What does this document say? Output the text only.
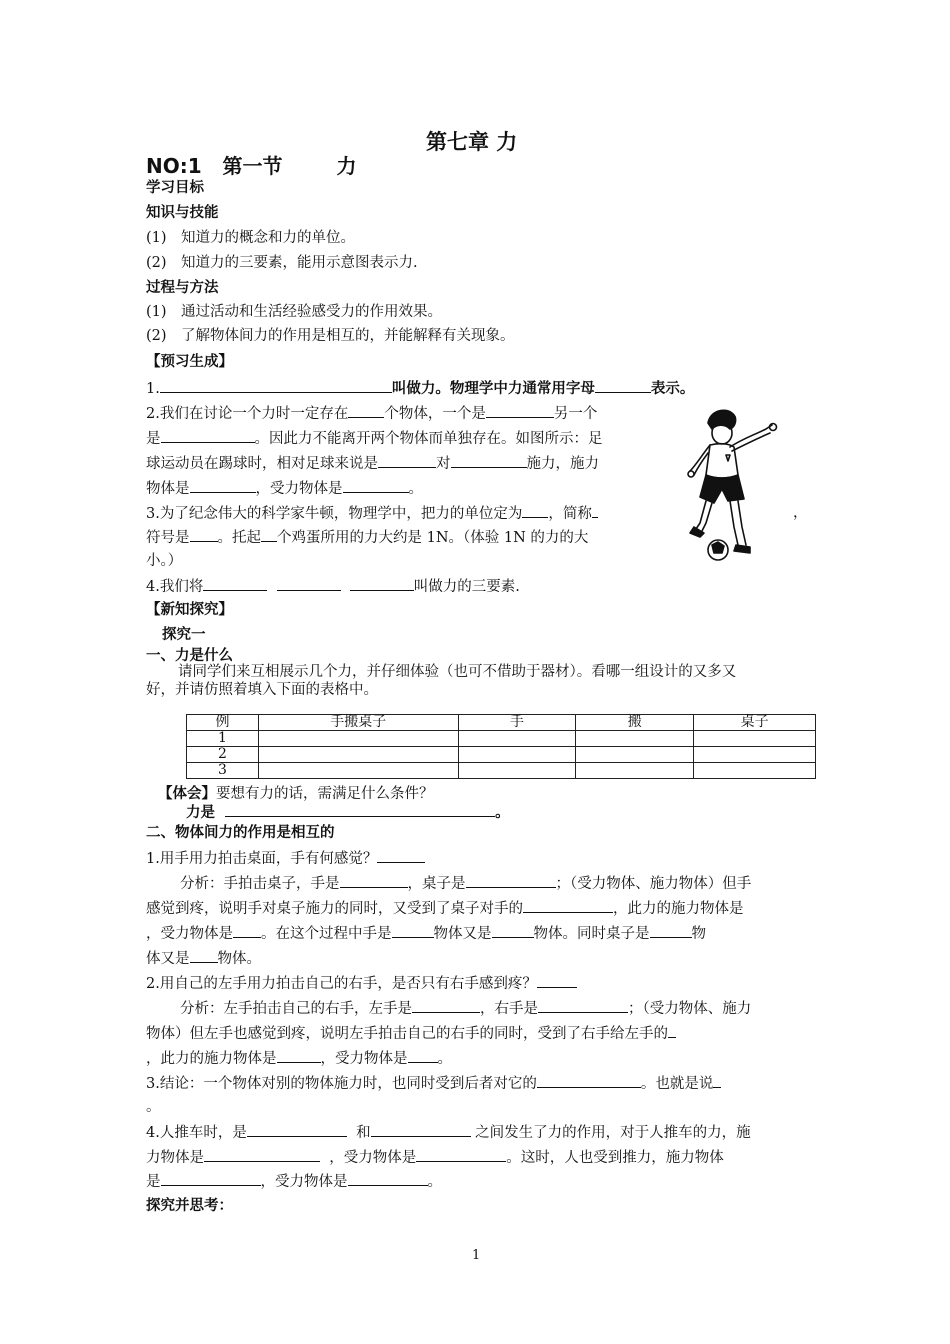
第七章 力
NO:1 第一节	力
学习目标
知识与技能
(1)　知道力的概念和力的单位。
(2)　知道力的三要素，能用示意图表示力.
过程与方法
(1)　通过活动和生活经验感受力的作用效果。
(2)　了解物体间力的作用是相互的，并能解释有关现象。
【预习生成】
1.	叫做力。物理学中力通常用字母	表示。
2.我们在讨论一个力时一定存在 个物体，一个是	另一个
是	。因此力不能离开两个物体而单独存在。如图所示：足
球运动员在踢球时，相对足球来说是	对	施力，施力
物体是	，受力物体是	。
3.为了纪念伟大的科学家牛顿，物理学中，把力的单位定为 ，简称	，
符号是 。托起 个鸡蛋所用的力大约是 1N。（体验 1N 的力的大
小。）
4.我们将	叫做力的三要素.
【新知探究】
探究一
一、力是什么
请同学们来互相展示几个力，并仔细体验（也可不借助于器材）。看哪一组设计的又多又
好，并请仿照着填入下面的表格中。
例	手搬桌子	手	搬	桌子
1				
2				
3				
【体会】要想有力的话，需满足什么条件？
力是	。
二、物体间力的作用是相互的
1.用手用力拍击桌面，手有何感觉？
分析：手拍击桌子，手是	，桌子是	；（受力物体、施力物体）但手
感觉到疼，说明手对桌子施力的同时，又受到了桌子对手的	，此力的施力物体是
，受力物体是 。在这个过程中手是	物体又是	物体。同时桌子是	物
体又是 物体。
2.用自己的左手用力拍击自己的右手，是否只有右手感到疼？
分析：左手拍击自己的右手，左手是	，右手是	；（受力物体、施力
物体）但左手也感觉到疼，说明左手拍击自己的右手的同时，受到了右手给左手的
，此力的施力物体是	，受力物体是 。
3.结论：一个物体对别的物体施力时，也同时受到后者对它的	。也就是说
。
4.人推车时，是	和	之间发生了力的作用，对于人推车的力，施
力物体是	，受力物体是	。这时，人也受到推力，施力物体
是	，受力物体是	。
探究并思考：
1
